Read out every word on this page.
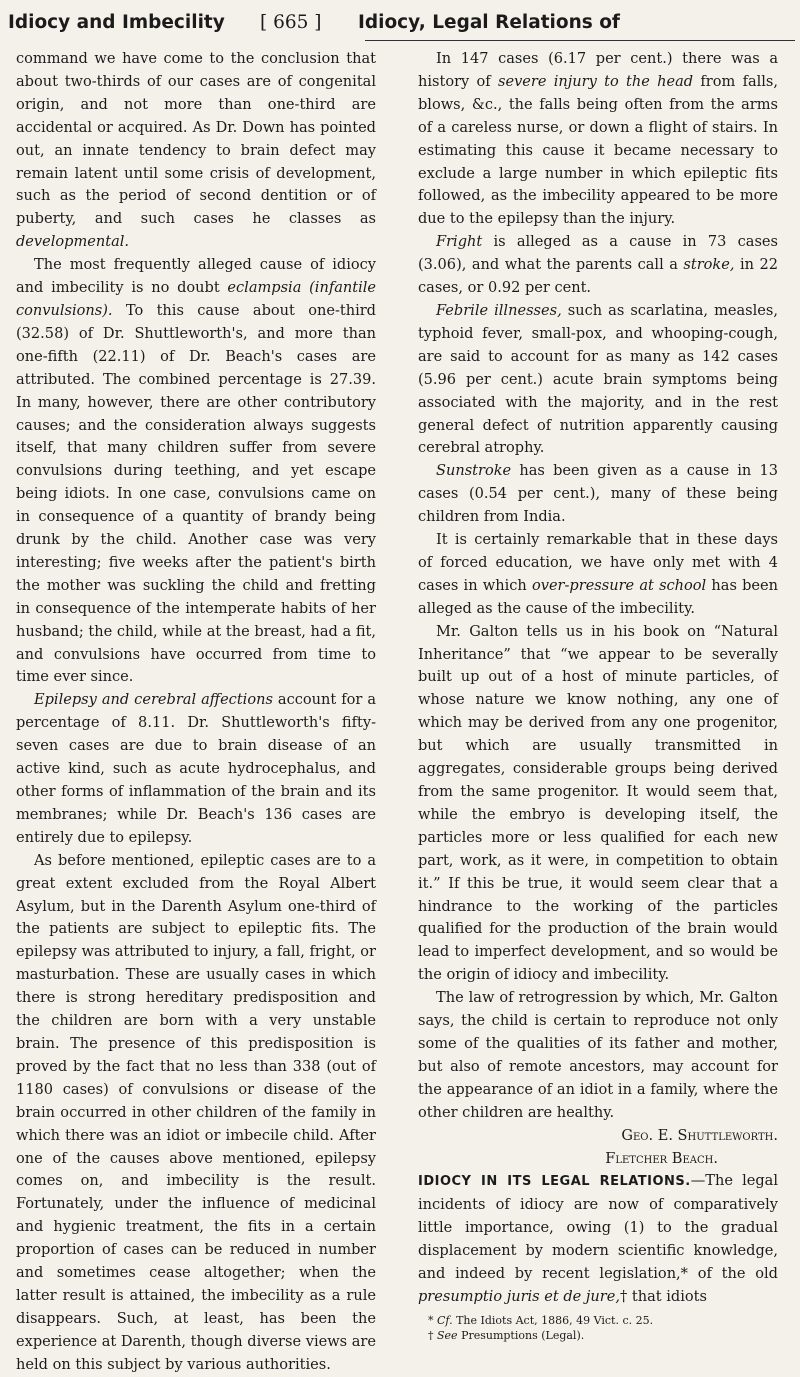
Idiocy and Imbecility [ 665 ] Idiocy, Legal Relations of

command we have come to the conclusion that about two-thirds of our cases are of congenital origin, and not more than one-third are accidental or acquired. As Dr. Down has pointed out, an innate tendency to brain defect may remain latent until some crisis of development, such as the period of second dentition or of puberty, and such cases he classes as developmental.

The most frequently alleged cause of idiocy and imbecility is no doubt eclampsia (infantile convulsions). To this cause about one-third (32.58) of Dr. Shuttleworth's, and more than one-fifth (22.11) of Dr. Beach's cases are attributed. The combined percentage is 27.39. In many, however, there are other contributory causes; and the consideration always suggests itself, that many children suffer from severe convulsions during teething, and yet escape being idiots. In one case, convulsions came on in consequence of a quantity of brandy being drunk by the child. Another case was very interesting; five weeks after the patient's birth the mother was suckling the child and fretting in consequence of the intemperate habits of her husband; the child, while at the breast, had a fit, and convulsions have occurred from time to time ever since.

Epilepsy and cerebral affections account for a percentage of 8.11. Dr. Shuttleworth's fifty-seven cases are due to brain disease of an active kind, such as acute hydrocephalus, and other forms of inflammation of the brain and its membranes; while Dr. Beach's 136 cases are entirely due to epilepsy.

As before mentioned, epileptic cases are to a great extent excluded from the Royal Albert Asylum, but in the Darenth Asylum one-third of the patients are subject to epileptic fits. The epilepsy was attributed to injury, a fall, fright, or masturbation. These are usually cases in which there is strong hereditary predisposition and the children are born with a very unstable brain. The presence of this predisposition is proved by the fact that no less than 338 (out of 1180 cases) of convulsions or disease of the brain occurred in other children of the family in which there was an idiot or imbecile child. After one of the causes above mentioned, epilepsy comes on, and imbecility is the result. Fortunately, under the influence of medicinal and hygienic treatment, the fits in a certain proportion of cases can be reduced in number and sometimes cease altogether; when the latter result is attained, the imbecility as a rule disappears. Such, at least, has been the experience at Darenth, though diverse views are held on this subject by various authorities.

In 147 cases (6.17 per cent.) there was a history of severe injury to the head from falls, blows, &c., the falls being often from the arms of a careless nurse, or down a flight of stairs. In estimating this cause it became necessary to exclude a large number in which epileptic fits followed, as the imbecility appeared to be more due to the epilepsy than the injury.

Fright is alleged as a cause in 73 cases (3.06), and what the parents call a stroke, in 22 cases, or 0.92 per cent.

Febrile illnesses, such as scarlatina, measles, typhoid fever, small-pox, and whooping-cough, are said to account for as many as 142 cases (5.96 per cent.) acute brain symptoms being associated with the majority, and in the rest general defect of nutrition apparently causing cerebral atrophy.

Sunstroke has been given as a cause in 13 cases (0.54 per cent.), many of these being children from India.

It is certainly remarkable that in these days of forced education, we have only met with 4 cases in which over-pressure at school has been alleged as the cause of the imbecility.

Mr. Galton tells us in his book on “Natural Inheritance” that “we appear to be severally built up out of a host of minute particles, of whose nature we know nothing, any one of which may be derived from any one progenitor, but which are usually transmitted in aggregates, considerable groups being derived from the same progenitor. It would seem that, while the embryo is developing itself, the particles more or less qualified for each new part, work, as it were, in competition to obtain it.” If this be true, it would seem clear that a hindrance to the working of the particles qualified for the production of the brain would lead to imperfect development, and so would be the origin of idiocy and imbecility.

The law of retrogression by which, Mr. Galton says, the child is certain to reproduce not only some of the qualities of its father and mother, but also of remote ancestors, may account for the appearance of an idiot in a family, where the other children are healthy.

Geo. E. Shuttleworth.

Fletcher Beach.

IDIOCY IN ITS LEGAL RELATIONS.—The legal incidents of idiocy are now of comparatively little importance, owing (1) to the gradual displacement by modern scientific knowledge, and indeed by recent legislation,* of the old presumptio juris et de jure,† that idiots

* Cf. The Idiots Act, 1886, 49 Vict. c. 25.

† See Presumptions (Legal).
